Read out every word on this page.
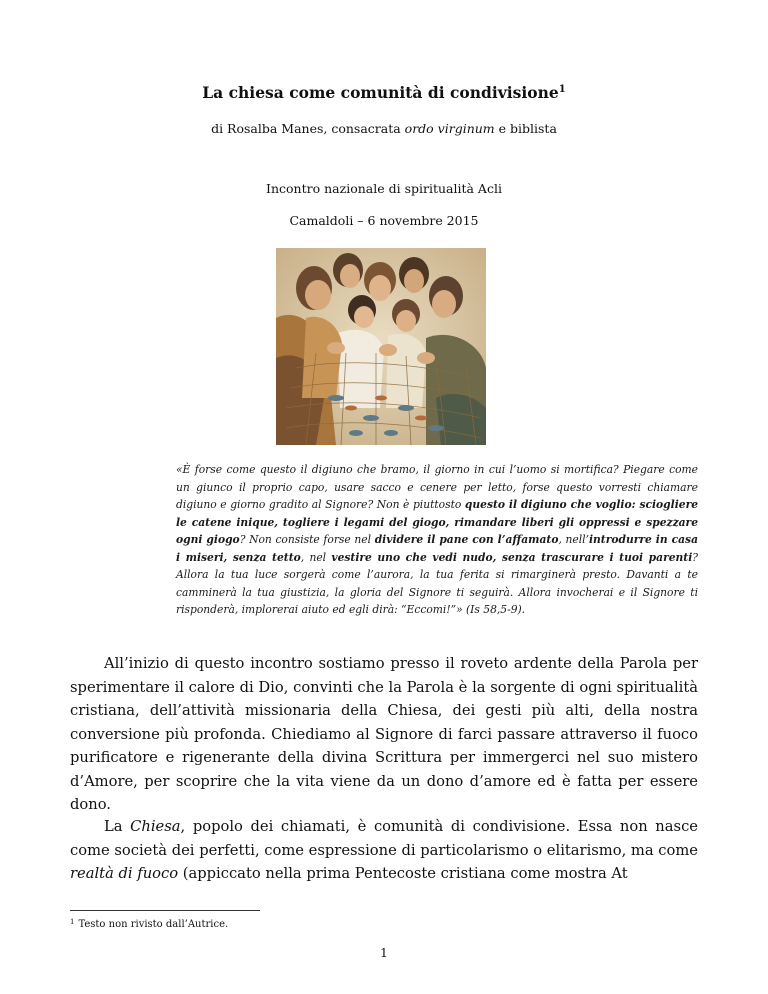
La chiesa come comunità di condivisione$^1$
di Rosalba Manes, consacrata ordo virginum e biblista
Incontro nazionale di spiritualità Acli
Camaldoli – 6 novembre 2015
«È forse come questo il digiuno che bramo, il giorno in cui l’uomo si mortifica? Piegare come un giunco il proprio capo, usare sacco e cenere per letto, forse questo vorresti chiamare digiuno e giorno gradito al Signore? Non è piuttosto questo il digiuno che voglio: sciogliere le catene inique, togliere i legami del giogo, rimandare liberi gli oppressi e spezzare ogni giogo? Non consiste forse nel dividere il pane con l’affamato, nell’introdurre in casa i miseri, senza tetto, nel vestire uno che vedi nudo, senza trascurare i tuoi parenti? Allora la tua luce sorgerà come l’aurora, la tua ferita si rimarginerà presto. Davanti a te camminerà la tua giustizia, la gloria del Signore ti seguirà. Allora invocherai e il Signore ti risponderà, implorerai aiuto ed egli dirà: “Eccomi!”» (Is 58,5-9).
All’inizio di questo incontro sostiamo presso il roveto ardente della Parola per sperimentare il calore di Dio, convinti che la Parola è la sorgente di ogni spiritualità cristiana, dell’attività missionaria della Chiesa, dei gesti più alti, della nostra conversione più profonda. Chiediamo al Signore di farci passare attraverso il fuoco purificatore e rigenerante della divina Scrittura per immergerci nel suo mistero d’Amore, per scoprire che la vita viene da un dono d’amore ed è fatta per essere dono.
La Chiesa, popolo dei chiamati, è comunità di condivisione. Essa non nasce come società dei perfetti, come espressione di particolarismo o elitarismo, ma come realtà di fuoco (appiccato nella prima Pentecoste cristiana come mostra At
$^1$ Testo non rivisto dall’Autrice.
1
